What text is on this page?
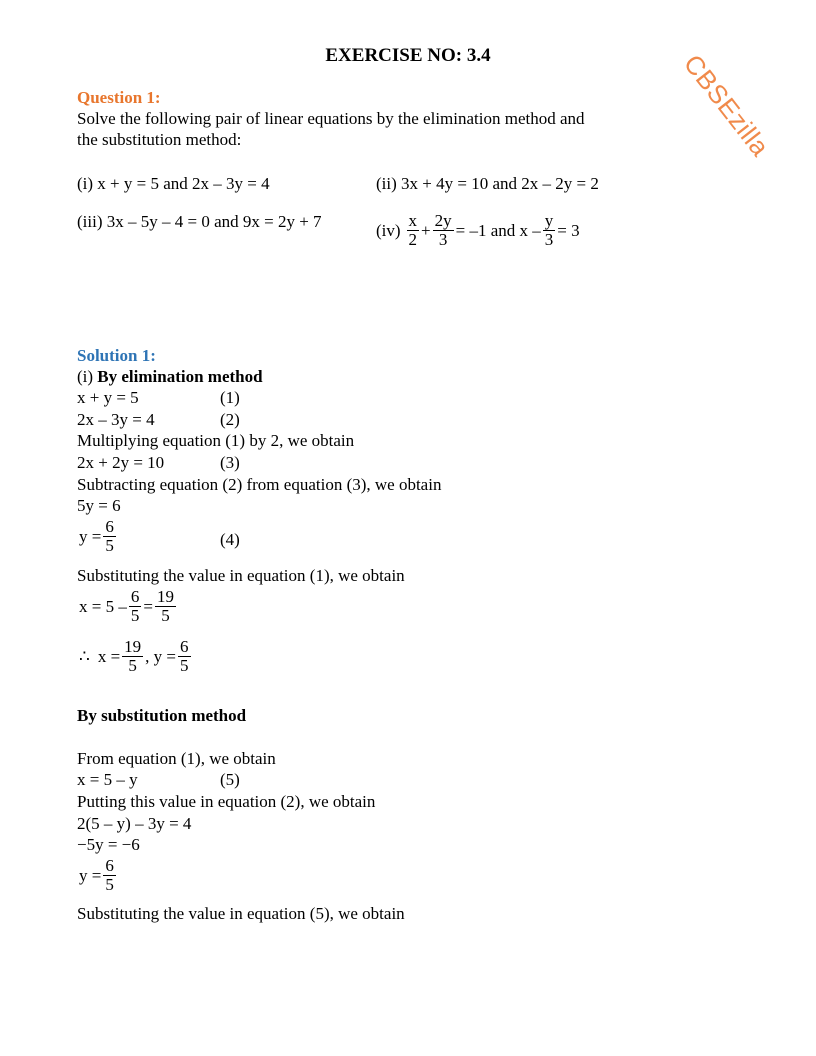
CBSEzilla
EXERCISE NO: 3.4
Question 1:
Solve the following pair of linear equations by the elimination method and
the substitution method:
(i) x + y = 5 and 2x – 3y = 4	(ii) 3x + 4y = 10 and 2x – 2y = 2
(iii) 3x – 5y – 4 = 0 and 9x = 2y + 7	$(iv) \frac{x}{2} + \frac{2y}{3} = -1$ and $x - \frac{y}{3} = 3$
Solution 1:
(i) By elimination method
x + y = 5	(1)
2x – 3y = 4	(2)
Multiplying equation (1) by 2, we obtain
2x + 2y = 10	(3)
Subtracting equation (2) from equation (3), we obtain
5y = 6
$y = \frac{6}{5}$	(4)
Substituting the value in equation (1), we obtain
$x = 5 - \frac{6}{5} = \frac{19}{5}$
∴ $x = \frac{19}{5}$ , $y = \frac{6}{5}$
By substitution method
From equation (1), we obtain
x = 5 – y	(5)
Putting this value in equation (2), we obtain
2(5 – y) – 3y = 4
−5y = −6
$y = \frac{6}{5}$
Substituting the value in equation (5), we obtain
